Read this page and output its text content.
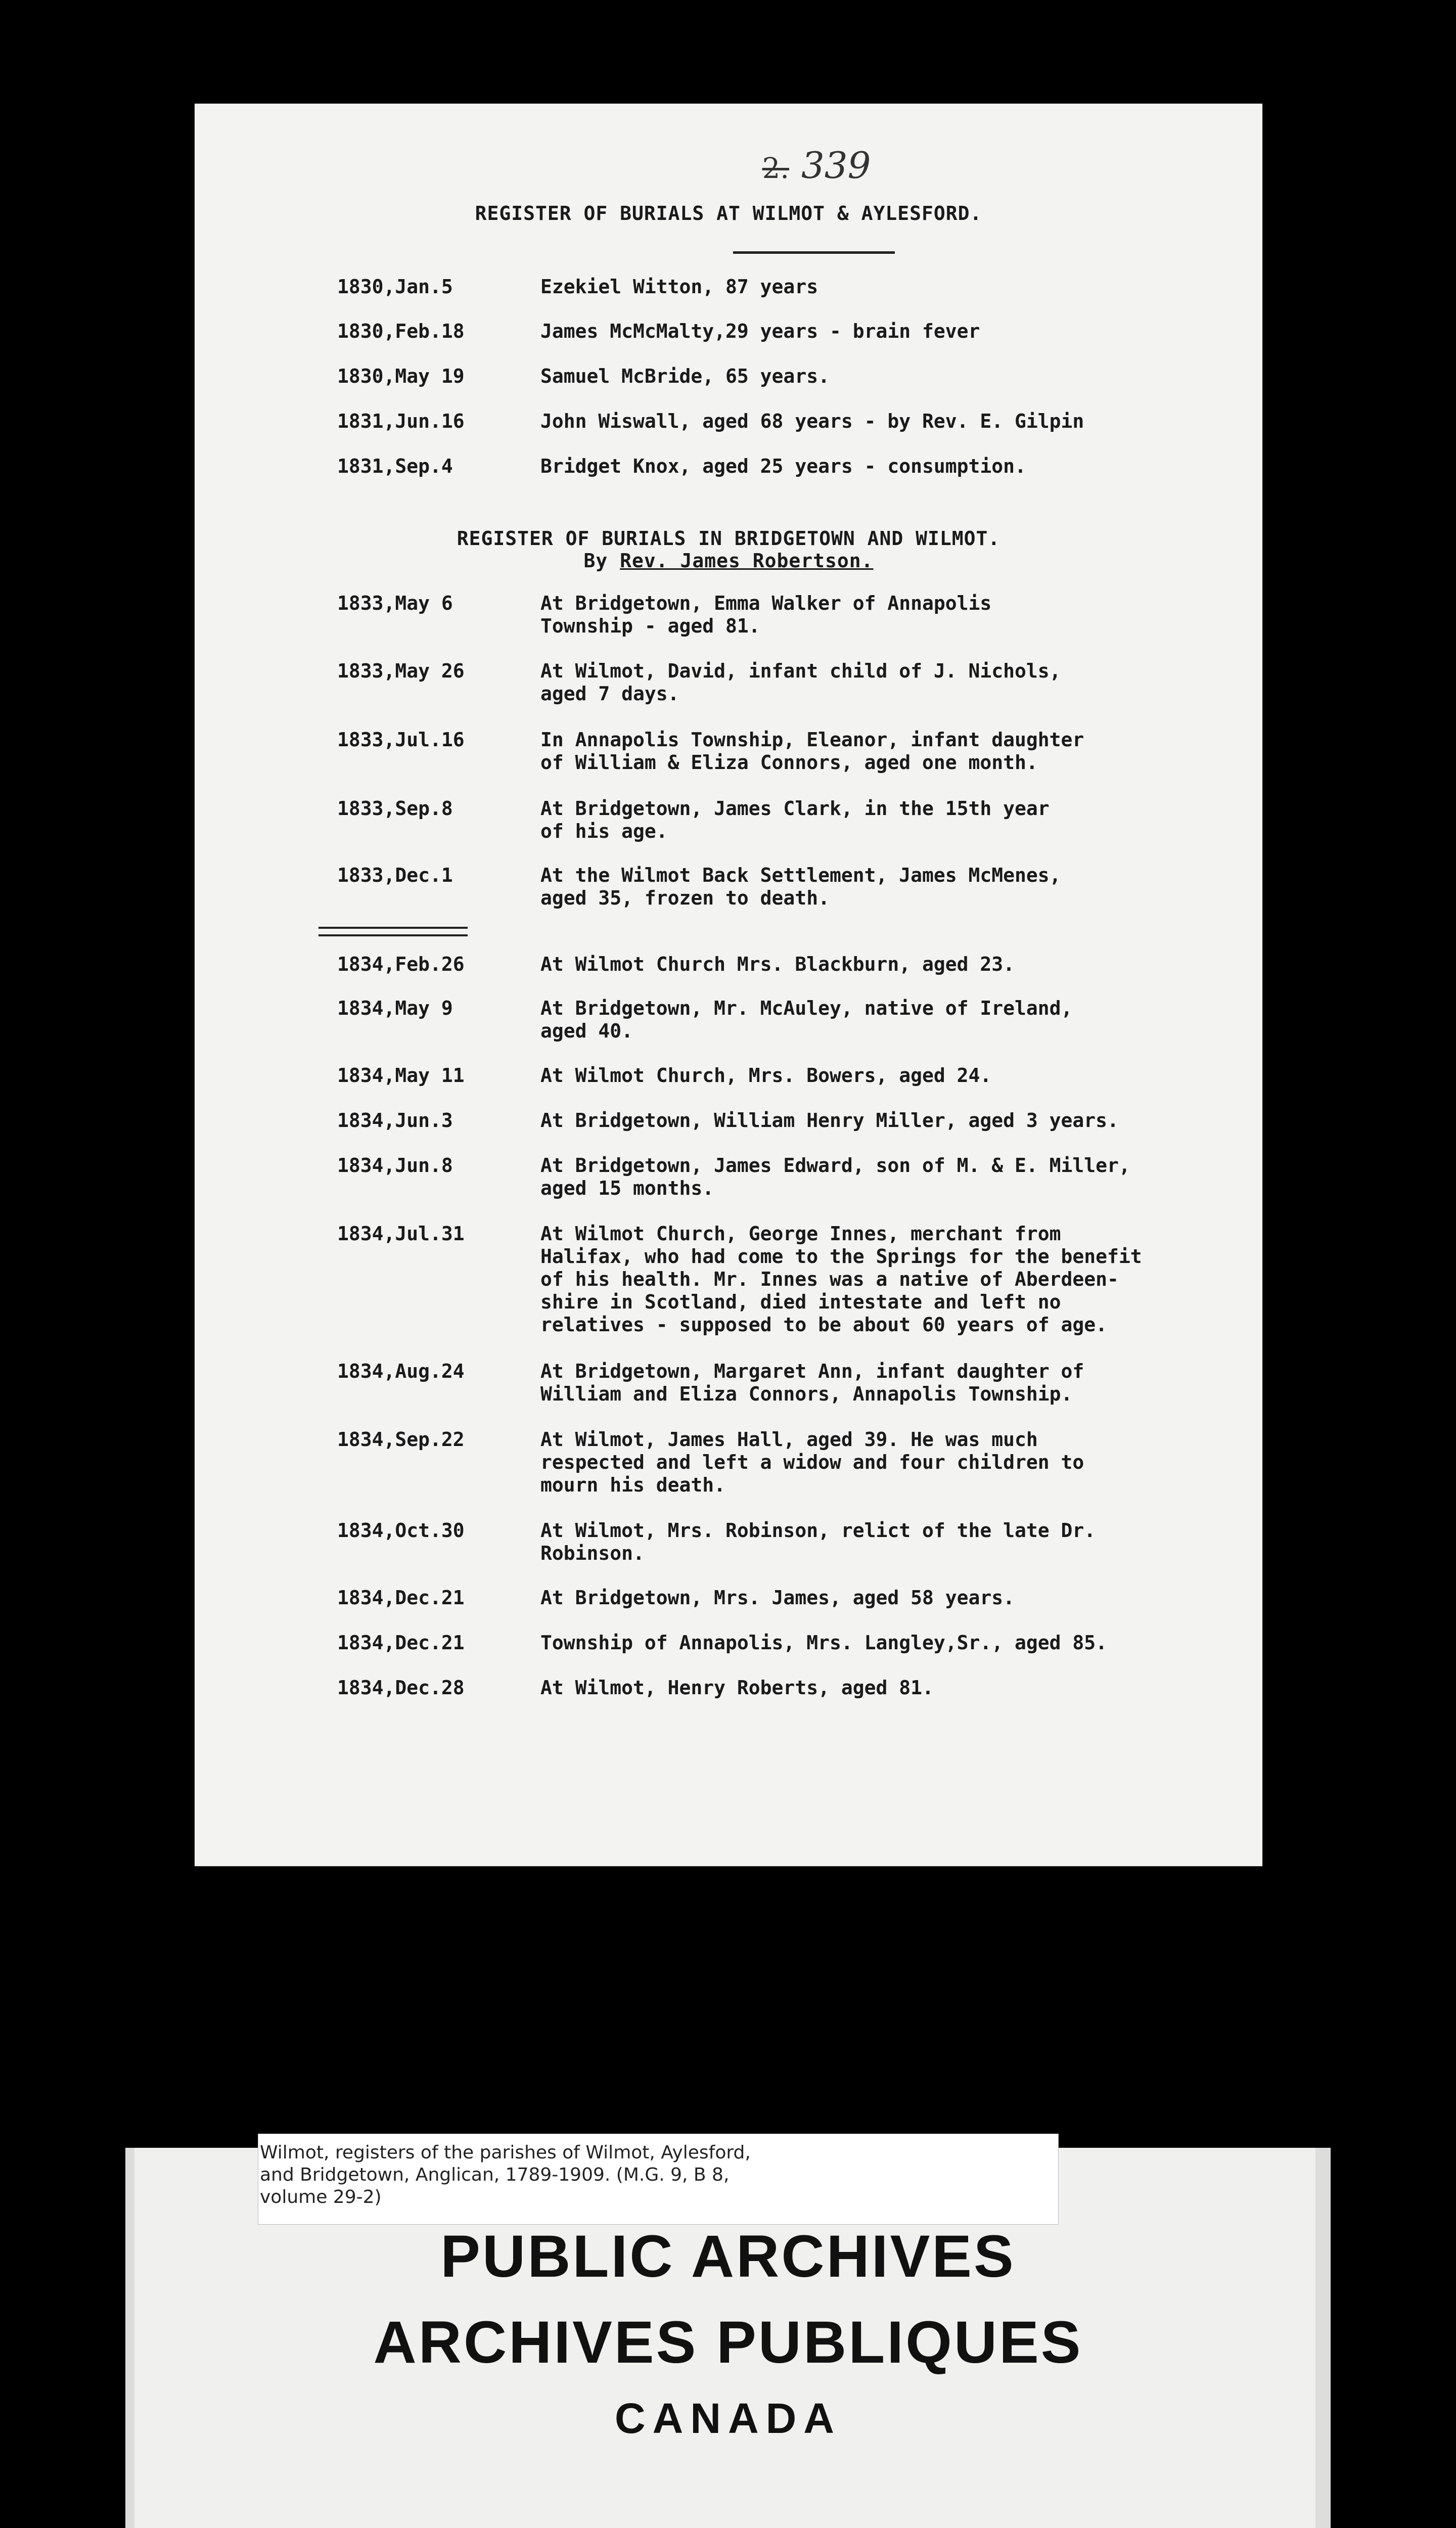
2. 339
REGISTER OF BURIALS AT WILMOT & AYLESFORD.
1830,Jan.5	Ezekiel Witton, 87 years
1830,Feb.18	James McMcMalty,29 years - brain fever
1830,May 19	Samuel McBride, 65 years.
1831,Jun.16	John Wiswall, aged 68 years - by Rev. E. Gilpin
1831,Sep.4	Bridget Knox, aged 25 years - consumption.
REGISTER OF BURIALS IN BRIDGETOWN AND WILMOT.
By Rev. James Robertson.
1833,May 6	At Bridgetown, Emma Walker of Annapolis
Township - aged 81.
1833,May 26	At Wilmot, David, infant child of J. Nichols,
aged 7 days.
1833,Jul.16	In Annapolis Township, Eleanor, infant daughter
of William & Eliza Connors, aged one month.
1833,Sep.8	At Bridgetown, James Clark, in the 15th year
of his age.
1833,Dec.1	At the Wilmot Back Settlement, James McMenes,
aged 35, frozen to death.
1834,Feb.26	At Wilmot Church Mrs. Blackburn, aged 23.
1834,May 9	At Bridgetown, Mr. McAuley, native of Ireland,
aged 40.
1834,May 11	At Wilmot Church, Mrs. Bowers, aged 24.
1834,Jun.3	At Bridgetown, William Henry Miller, aged 3 years.
1834,Jun.8	At Bridgetown, James Edward, son of M. & E. Miller,
aged 15 months.
1834,Jul.31	At Wilmot Church, George Innes, merchant from
Halifax, who had come to the Springs for the benefit
of his health. Mr. Innes was a native of Aberdeen-
shire in Scotland, died intestate and left no
relatives - supposed to be about 60 years of age.
1834,Aug.24	At Bridgetown, Margaret Ann, infant daughter of
William and Eliza Connors, Annapolis Township.
1834,Sep.22	At Wilmot, James Hall, aged 39. He was much
respected and left a widow and four children to
mourn his death.
1834,Oct.30	At Wilmot, Mrs. Robinson, relict of the late Dr.
Robinson.
1834,Dec.21	At Bridgetown, Mrs. James, aged 58 years.
1834,Dec.21	Township of Annapolis, Mrs. Langley,Sr., aged 85.
1834,Dec.28	At Wilmot, Henry Roberts, aged 81.
Wilmot, registers of the parishes of Wilmot, Aylesford,
and Bridgetown, Anglican, 1789-1909. (M.G. 9, B 8,
volume 29-2)
PUBLIC ARCHIVES
ARCHIVES PUBLIQUES
CANADA
